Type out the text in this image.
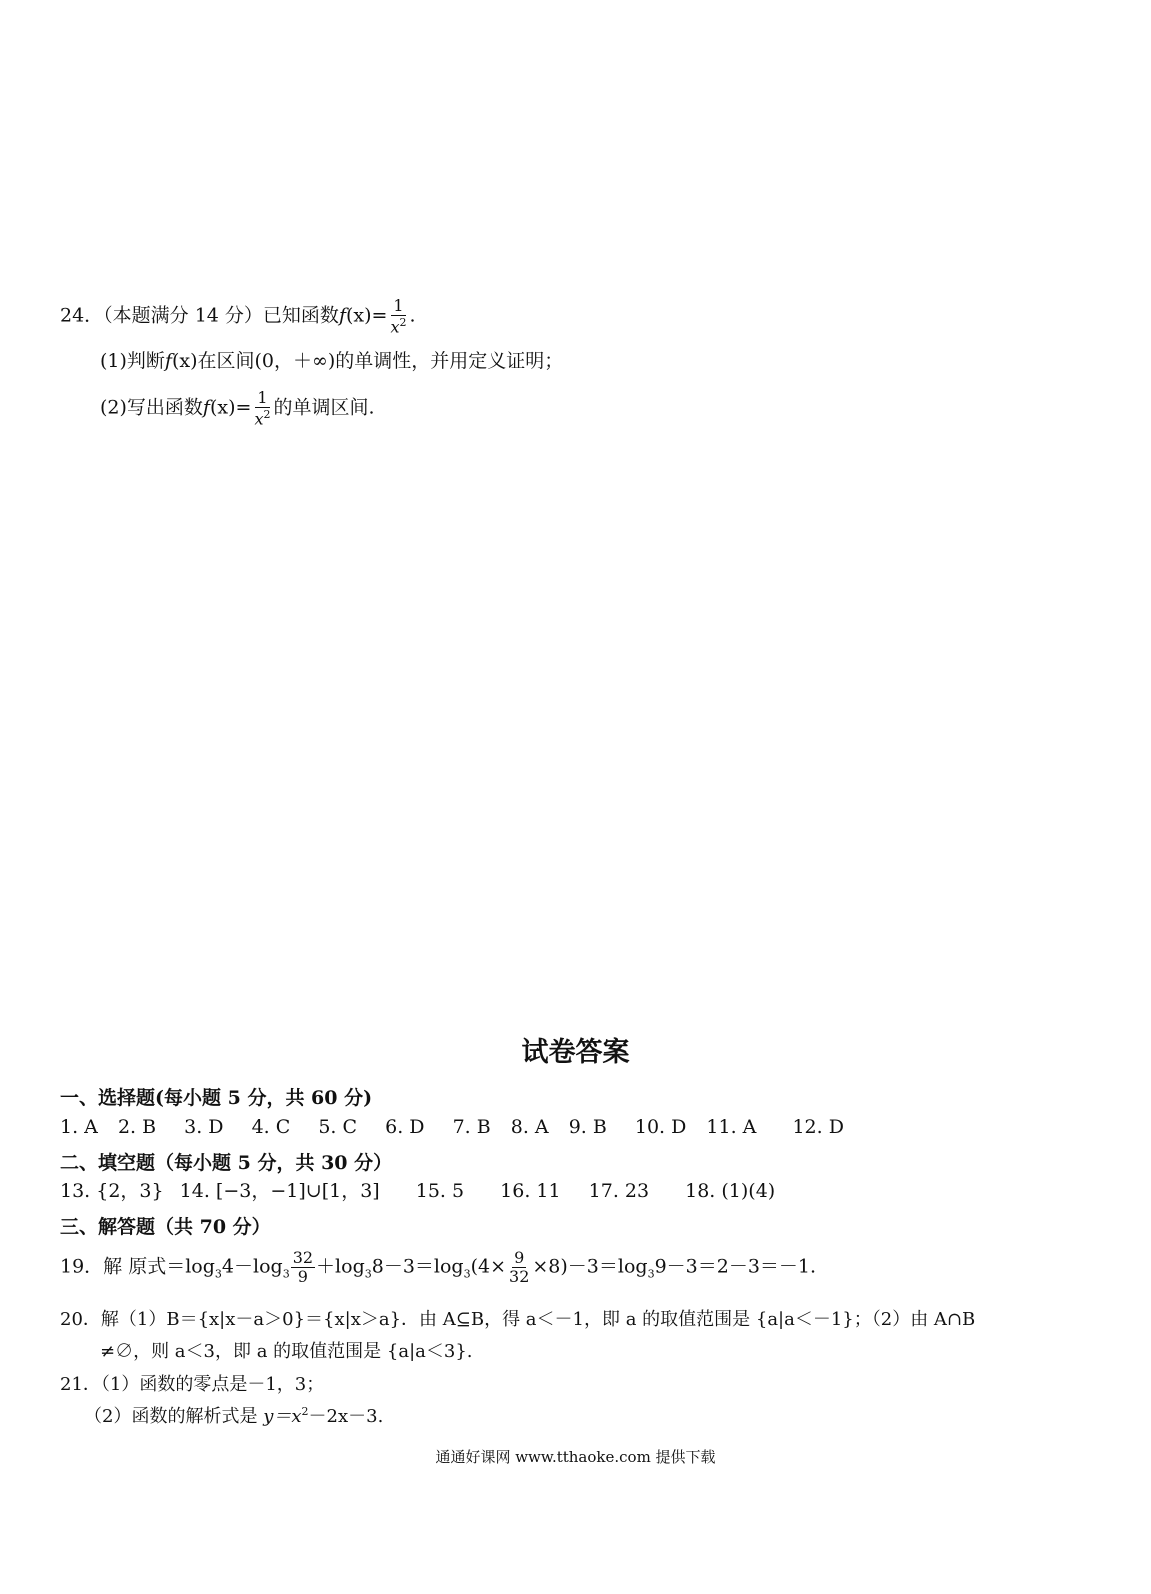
24．（本题满分 14 分）已知函数$f(x)= \frac{1}{x^2}$ .
(1)判断f(x)在区间(0，＋∞)的单调性，并用定义证明；
(2)写出函数$f(x)= \frac{1}{x^2}$ 的单调区间.
试卷答案
一、选择题(每小题 5 分，共 60 分)
1. A 2. B 3. D 4. C 5. C 6. D 7. B 8. A 9. B 10. D 11. A 12. D
二、填空题（每小题 5 分，共 30 分）
13. {2，3} 14. [−3，−1]∪[1，3] 15. 5 16. 11 17. 23 18. (1)(4)
三、解答题（共 70 分）
19．解 原式$=\log_34-\log_3 \frac{32}{9} +\log_38-3=\log_3(4\times \frac{9}{32} \times 8)-3=\log_39-3=2-3=-1$.
20．解（1）B＝{x|x－a＞0}＝{x|x＞a}．由 A⊆B，得 a＜－1，即 a 的取值范围是 {a|a＜－1}；（2）由 A∩B
≠∅，则 a＜3，即 a 的取值范围是 {a|a＜3}.
21．（1）函数的零点是－1，3；
（2）函数的解析式是 $y=x^2-2x-3$.
通通好课网 www.tthaoke.com 提供下载
